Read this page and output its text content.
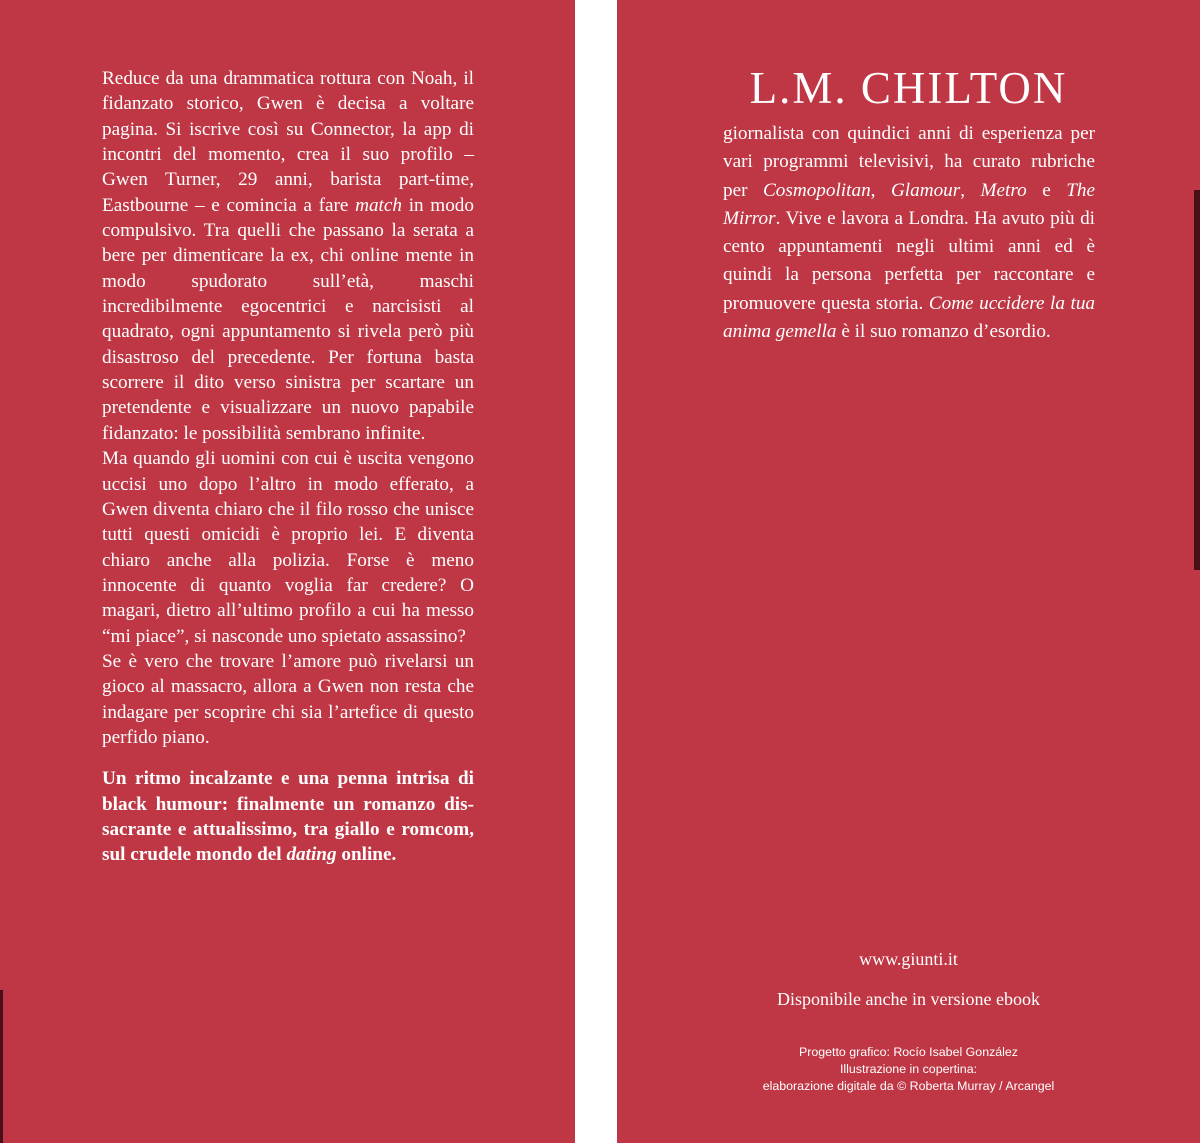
Reduce da una drammatica rottura con Noah, il fidanzato storico, Gwen è decisa a voltare pagina. Si iscrive così su Connector, la app di incontri del momento, crea il suo profilo – Gwen Turner, 29 anni, barista part-time, Eastbourne – e comincia a fare match in modo compulsivo. Tra quelli che passano la serata a bere per dimenticare la ex, chi online mente in modo spudorato sull’età, maschi incredibilmente egocentrici e narcisisti al quadrato, ogni appuntamento si rivela però più disastroso del precedente. Per fortuna basta scorrere il dito verso sinistra per scartare un pretendente e visualizzare un nuovo papabile fidanzato: le possibilità sembrano infinite.

Ma quando gli uomini con cui è uscita vengono uccisi uno dopo l’altro in modo efferato, a Gwen diventa chiaro che il filo rosso che unisce tutti questi omicidi è proprio lei. E diventa chiaro anche alla polizia. Forse è meno innocente di quanto voglia far credere? O magari, dietro all’ultimo profilo a cui ha messo “mi piace”, si nasconde uno spietato assassino?

Se è vero che trovare l’amore può rivelarsi un gioco al massacro, allora a Gwen non resta che indagare per scoprire chi sia l’artefice di questo perfido piano.

Un ritmo incalzante e una penna intrisa di black humour: finalmente un romanzo dissacrante e attualissimo, tra giallo e romcom, sul crudele mondo del dating online.

L.M. CHILTON

giornalista con quindici anni di esperienza per vari programmi televisivi, ha curato rubriche per Cosmopolitan, Glamour, Metro e The Mirror. Vive e lavora a Londra. Ha avuto più di cento appuntamenti negli ultimi anni ed è quindi la persona perfetta per raccontare e promuovere questa storia. Come uccidere la tua anima gemella è il suo romanzo d’esordio.

www.giunti.it
Disponibile anche in versione ebook
Progetto grafico: Rocío Isabel González
Illustrazione in copertina:
elaborazione digitale da © Roberta Murray / Arcangel
